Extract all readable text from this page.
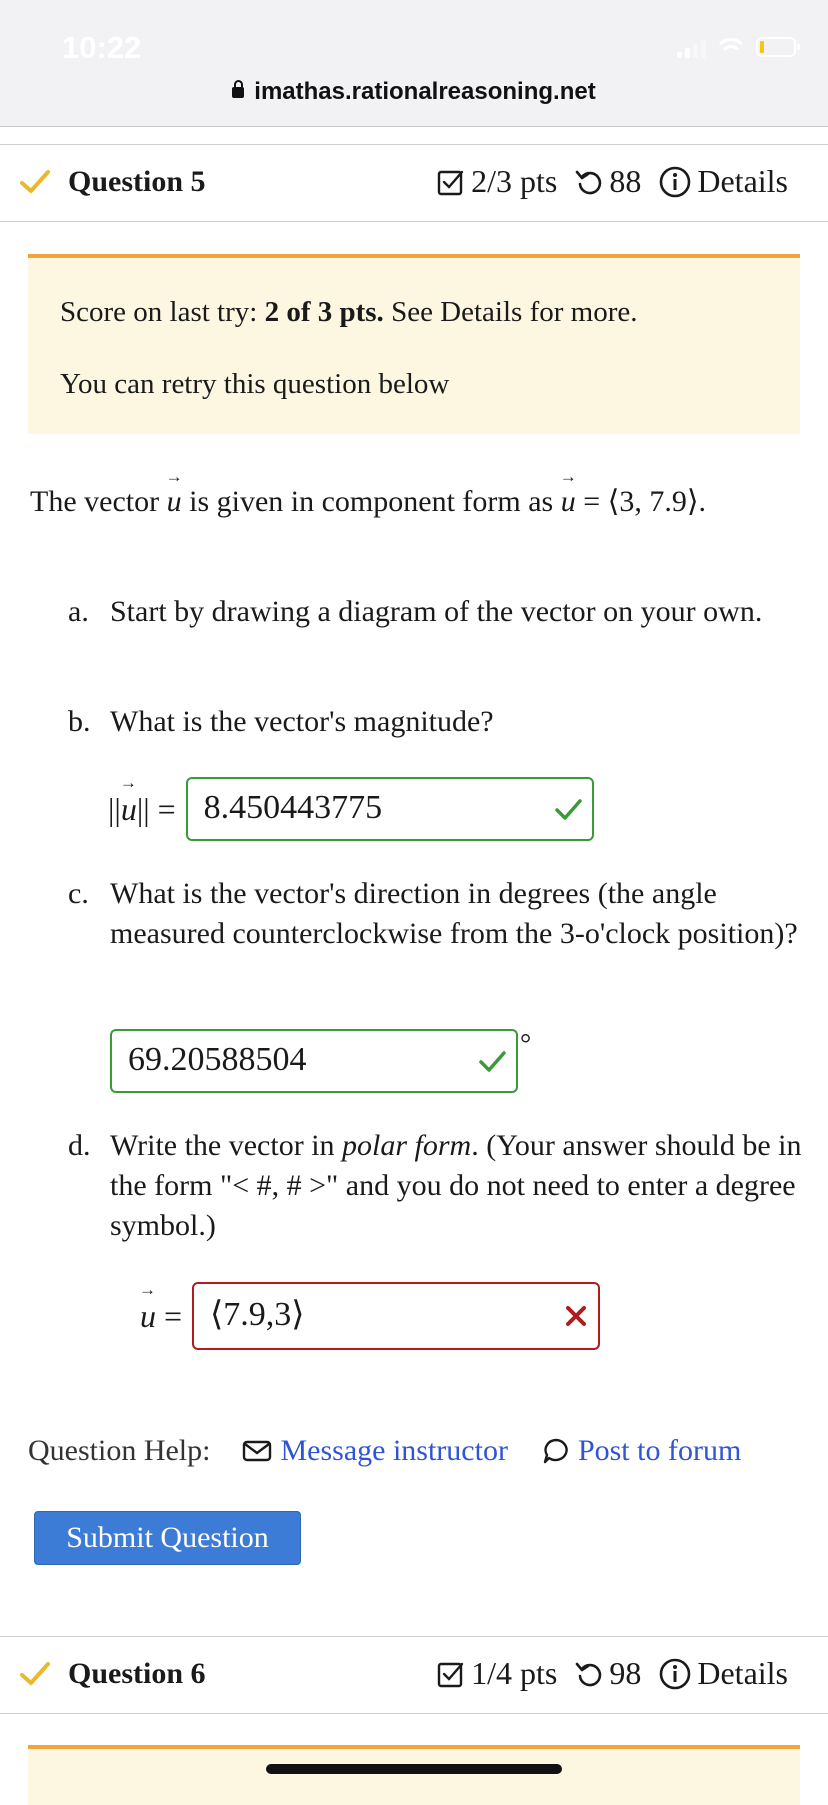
10:22
imathas.rationalreasoning.net
Question 5	2/3 pts 88 Details

Score on last try: 2 of 3 pts. See Details for more.

You can retry this question below

The vector → u is given in component form as → u = ⟨3, 7.9⟩.
a. Start by drawing a diagram of the vector on your own.
b. What is the vector's magnitude?
||→ u|| = 8.450443775
c. What is the vector's direction in degrees (the angle measured counterclockwise from the 3-o'clock position)?
69.20588504	°
d. Write the vector in polar form. (Your answer should be in the form "< #, # >" and you do not need to enter a degree symbol.)
→ u = ⟨7.9,3⟩
Question Help: Message instructor Post to forum
Submit Question
Question 6	1/4 pts 98 Details
